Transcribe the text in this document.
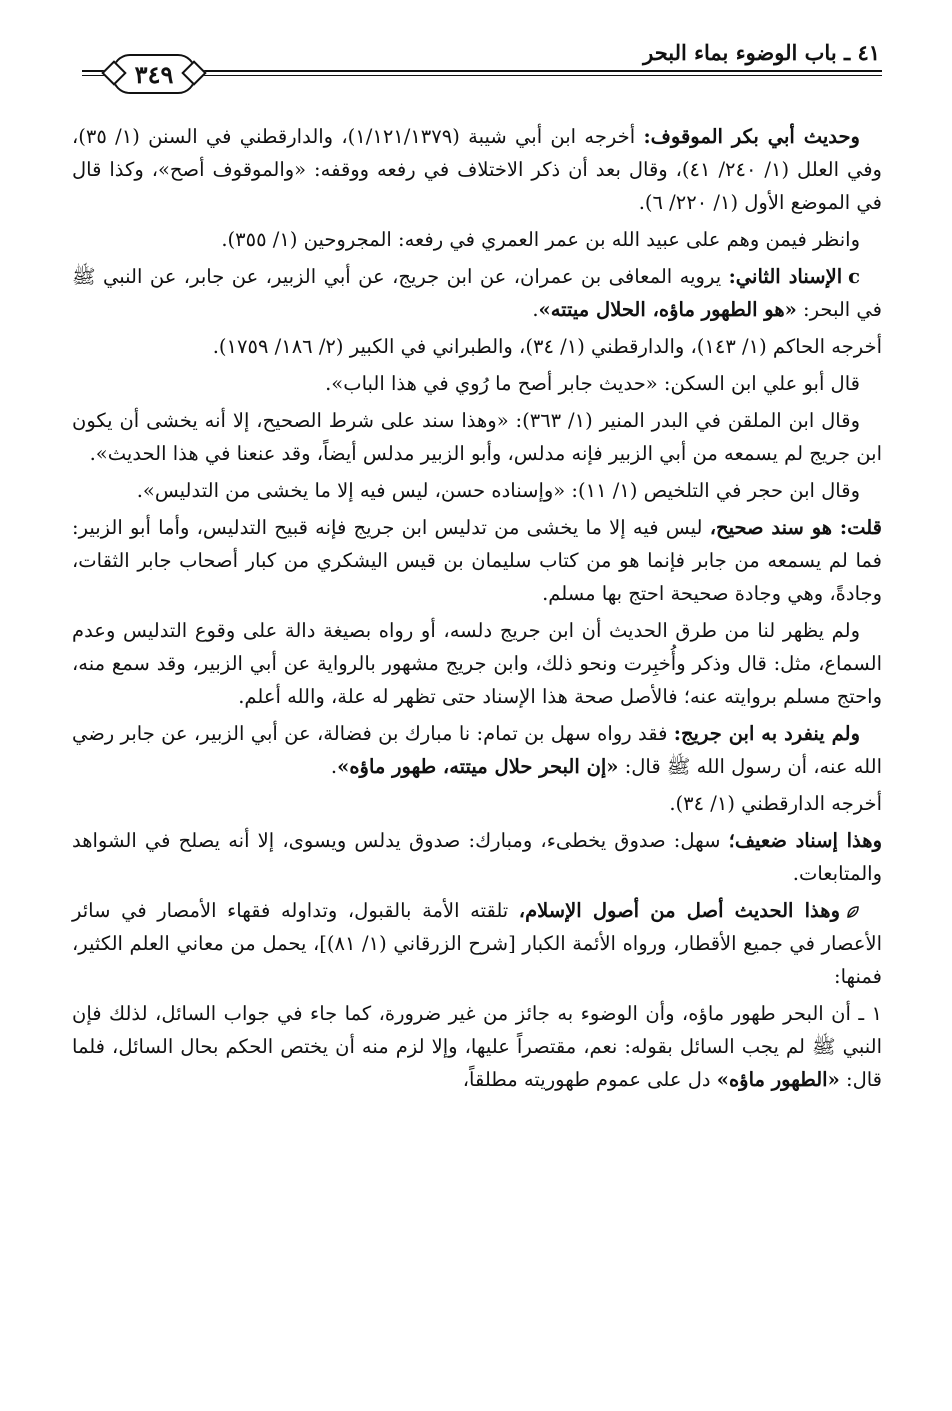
٤١ ـ باب الوضوء بماء البحر
٣٤٩

وحديث أبي بكر الموقوف: أخرجه ابن أبي شيبة (١/١٢١/١٣٧٩)، والدارقطني في السنن (١/ ٣٥)، وفي العلل (١/ ٢٤٠/ ٤١)، وقال بعد أن ذكر الاختلاف في رفعه ووقفه: «والموقوف أصح»، وكذا قال في الموضع الأول (١/ ٢٢٠/ ٦).

وانظر فيمن وهم على عبيد الله بن عمر العمري في رفعه: المجروحين (١/ ٣٥٥).

cالإسناد الثاني: يرويه المعافى بن عمران، عن ابن جريج، عن أبي الزبير، عن جابر، عن النبي ﷺ في البحر: «هو الطهور ماؤه، الحلال ميتته».

أخرجه الحاكم (١/ ١٤٣)، والدارقطني (١/ ٣٤)، والطبراني في الكبير (٢/ ١٨٦/ ١٧٥٩).

قال أبو علي ابن السكن: «حديث جابر أصح ما رُوي في هذا الباب».

وقال ابن الملقن في البدر المنير (١/ ٣٦٣): «وهذا سند على شرط الصحيح، إلا أنه يخشى أن يكون ابن جريج لم يسمعه من أبي الزبير فإنه مدلس، وأبو الزبير مدلس أيضاً، وقد عنعنا في هذا الحديث».

وقال ابن حجر في التلخيص (١/ ١١): «وإسناده حسن، ليس فيه إلا ما يخشى من التدليس».

قلت: هو سند صحيح، ليس فيه إلا ما يخشى من تدليس ابن جريج فإنه قبيح التدليس، وأما أبو الزبير: فما لم يسمعه من جابر فإنما هو من كتاب سليمان بن قيس اليشكري من كبار أصحاب جابر الثقات، وجادةً، وهي وجادة صحيحة احتج بها مسلم.

ولم يظهر لنا من طرق الحديث أن ابن جريج دلسه، أو رواه بصيغة دالة على وقوع التدليس وعدم السماع، مثل: قال وذكر وأُخبِرت ونحو ذلك، وابن جريج مشهور بالرواية عن أبي الزبير، وقد سمع منه، واحتج مسلم بروايته عنه؛ فالأصل صحة هذا الإسناد حتى تظهر له علة، والله أعلم.

ولم ينفرد به ابن جريج: فقد رواه سهل بن تمام: نا مبارك بن فضالة، عن أبي الزبير، عن جابر رضي الله عنه، أن رسول الله ﷺ قال: «إن البحر حلال ميتته، طهور ماؤه».

أخرجه الدارقطني (١/ ٣٤).

وهذا إسناد ضعيف؛ سهل: صدوق يخطىء، ومبارك: صدوق يدلس ويسوى، إلا أنه يصلح في الشواهد والمتابعات.

وهذا الحديث أصل من أصول الإسلام، تلقته الأمة بالقبول، وتداوله فقهاء الأمصار في سائر الأعصار في جميع الأقطار، ورواه الأئمة الكبار [شرح الزرقاني (١/ ٨١)]، يحمل من معاني العلم الكثير، فمنها:

١ ـ أن البحر طهور ماؤه، وأن الوضوء به جائز من غير ضرورة، كما جاء في جواب السائل، لذلك فإن النبي ﷺ لم يجب السائل بقوله: نعم، مقتصراً عليها، وإلا لزم منه أن يختص الحكم بحال السائل، فلما قال: «الطهور ماؤه» دل على عموم طهوريته مطلقاً،
